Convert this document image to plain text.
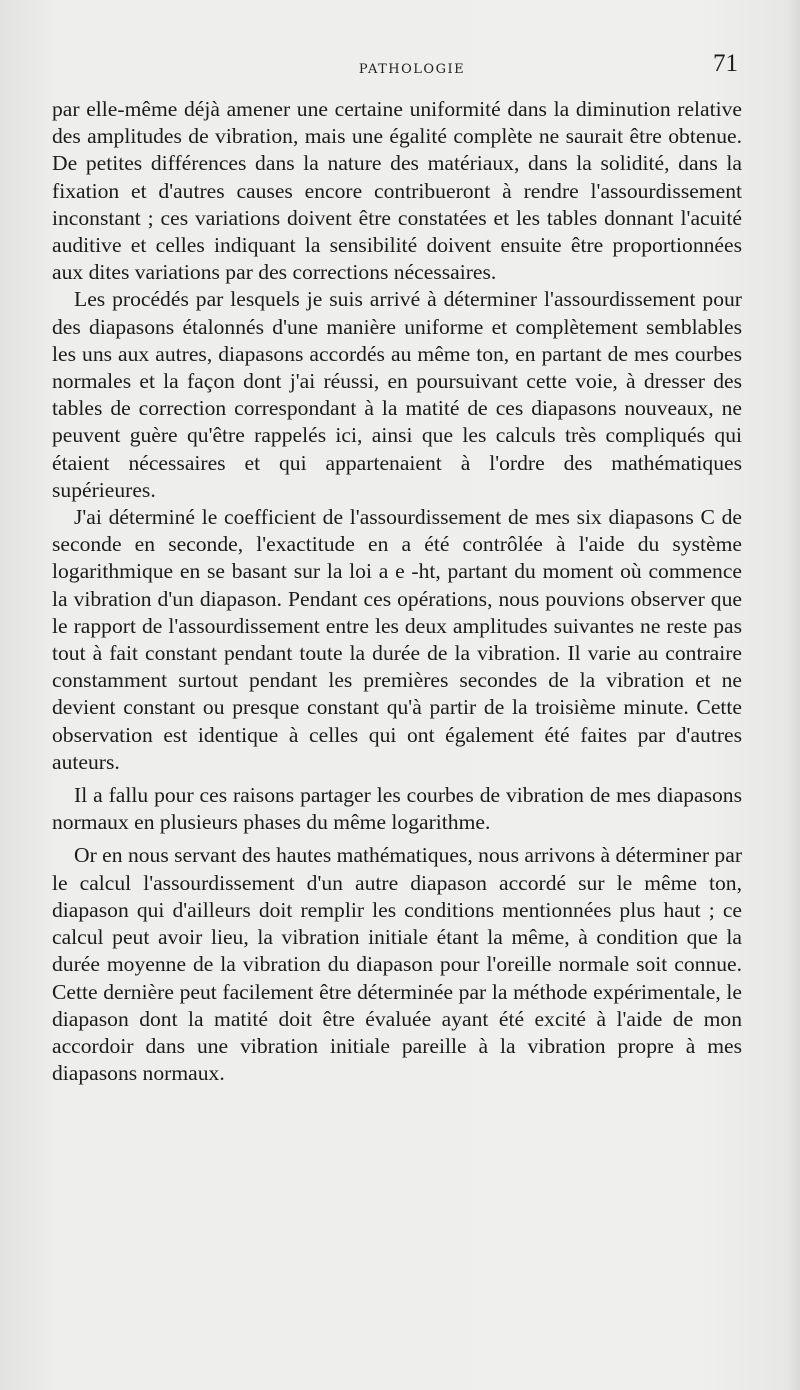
PATHOLOGIE	71

par elle-même déjà amener une certaine uniformité dans la diminution relative des amplitudes de vibration, mais une égalité complète ne saurait être obtenue. De petites différences dans la nature des matériaux, dans la solidité, dans la fixation et d'autres causes encore contribueront à rendre l'assourdissement inconstant ; ces variations doivent être constatées et les tables donnant l'acuité auditive et celles indiquant la sensibilité doivent ensuite être proportionnées aux dites variations par des corrections nécessaires.

Les procédés par lesquels je suis arrivé à déterminer l'assourdissement pour des diapasons étalonnés d'une manière uniforme et complètement semblables les uns aux autres, diapasons accordés au même ton, en partant de mes courbes normales et la façon dont j'ai réussi, en poursuivant cette voie, à dresser des tables de correction correspondant à la matité de ces diapasons nouveaux, ne peuvent guère qu'être rappelés ici, ainsi que les calculs très compliqués qui étaient nécessaires et qui appartenaient à l'ordre des mathématiques supérieures.

J'ai déterminé le coefficient de l'assourdissement de mes six diapasons C de seconde en seconde, l'exactitude en a été contrôlée à l'aide du système logarithmique en se basant sur la loi a e -ht, partant du moment où commence la vibration d'un diapason. Pendant ces opérations, nous pouvions observer que le rapport de l'assourdissement entre les deux amplitudes suivantes ne reste pas tout à fait constant pendant toute la durée de la vibration. Il varie au contraire constamment surtout pendant les premières secondes de la vibration et ne devient constant ou presque constant qu'à partir de la troisième minute. Cette observation est identique à celles qui ont également été faites par d'autres auteurs.

Il a fallu pour ces raisons partager les courbes de vibration de mes diapasons normaux en plusieurs phases du même logarithme.

Or en nous servant des hautes mathématiques, nous arrivons à déterminer par le calcul l'assourdissement d'un autre diapason accordé sur le même ton, diapason qui d'ailleurs doit remplir les conditions mentionnées plus haut ; ce calcul peut avoir lieu, la vibration initiale étant la même, à condition que la durée moyenne de la vibration du diapason pour l'oreille normale soit connue. Cette dernière peut facilement être déterminée par la méthode expérimentale, le diapason dont la matité doit être évaluée ayant été excité à l'aide de mon accordoir dans une vibration initiale pareille à la vibration propre à mes diapasons normaux.
